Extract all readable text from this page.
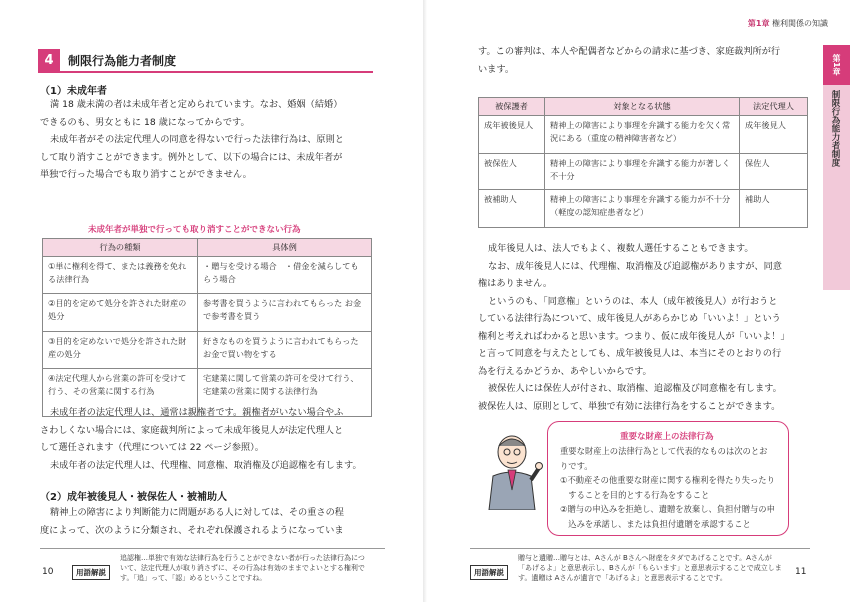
4	制限行為能力者制度
（1）未成年者
満 18 歳未満の者は未成年者と定められています。なお、婚姻（結婚）
できるのも、男女ともに 18 歳になってからです。
未成年者がその法定代理人の同意を得ないで行った法律行為は、原則と
して取り消すことができます。例外として、以下の場合には、未成年者が
単独で行った場合でも取り消すことができません。
未成年者が単独で行っても取り消すことができない行為
行為の種類	具体例
①単に権利を得て、または義務を免れる法律行為	・贈与を受ける場合　・借金を減らしてもらう場合
②目的を定めて処分を許された財産の処分	参考書を買うように言われてもらった お金で参考書を買う
③目的を定めないで処分を許された財産の処分	好きなものを買うように言われてもらったお金で買い物をする
④法定代理人から営業の許可を受けて行う、その営業に関する行為	宅建業に関して営業の許可を受けて行う、宅建業の営業に関する法律行為
未成年者の法定代理人は、通常は親権者です。親権者がいない場合やふ
さわしくない場合には、家庭裁判所によって未成年後見人が法定代理人と
して選任されます（代理については 22 ページ参照）。
未成年者の法定代理人は、代理権、同意権、取消権及び追認権を有します。
（2）成年被後見人・被保佐人・被補助人
精神上の障害により判断能力に問題がある人に対しては、その重さの程
度によって、次のように分類され、それぞれ保護されるようになっていま
10	用語解説
追認権…単独で有効な法律行為を行うことができない者が行った法律行為について、法定代理人が取り消さずに、その行為は有効のままでよいとする権利です。「追」って、「認」めるということですね。
第1章 権利関係の知識
す。この審判は、本人や配偶者などからの請求に基づき、家庭裁判所が行
います。
被保護者	対象となる状態	法定代理人
成年被後見人	精神上の障害により事理を弁識する能力を欠く常況にある（重度の精神障害者など）	成年後見人
被保佐人	精神上の障害により事理を弁識する能力が著しく不十分	保佐人
被補助人	精神上の障害により事理を弁識する能力が不十分（軽度の認知症患者など）	補助人
成年後見人は、法人でもよく、複数人選任することもできます。
なお、成年後見人には、代理権、取消権及び追認権がありますが、同意
権はありません。
というのも、「同意権」というのは、本人（成年被後見人）が行おうと
している法律行為について、成年後見人があらかじめ「いいよ！」という
権利と考えればわかると思います。つまり、仮に成年後見人が「いいよ！」
と言って同意を与えたとしても、成年被後見人は、本当にそのとおりの行
為を行えるかどうか、あやしいからです。
被保佐人には保佐人が付され、取消権、追認権及び同意権を有します。
被保佐人は、原則として、単独で有効に法律行為をすることができます。
重要な財産上の法律行為
重要な財産上の法律行為として代表的なものは次のとお
りです。
①不動産その他重要な財産に関する権利を得たり失ったり
　することを目的とする行為をすること
②贈与の申込みを拒絶し、遺贈を放棄し、負担付贈与の申
　込みを承諾し、または負担付遺贈を承認すること
第1章
制限行為能力者制度
用語解説
贈与と遺贈…贈与とは、Aさんが Bさんへ財産をタダであげることです。Aさんが「あげるよ」と意思表示し、Bさんが「もらいます」と意思表示することで成立します。遺贈は Aさんが遺言で「あげるよ」と意思表示することです。
11
